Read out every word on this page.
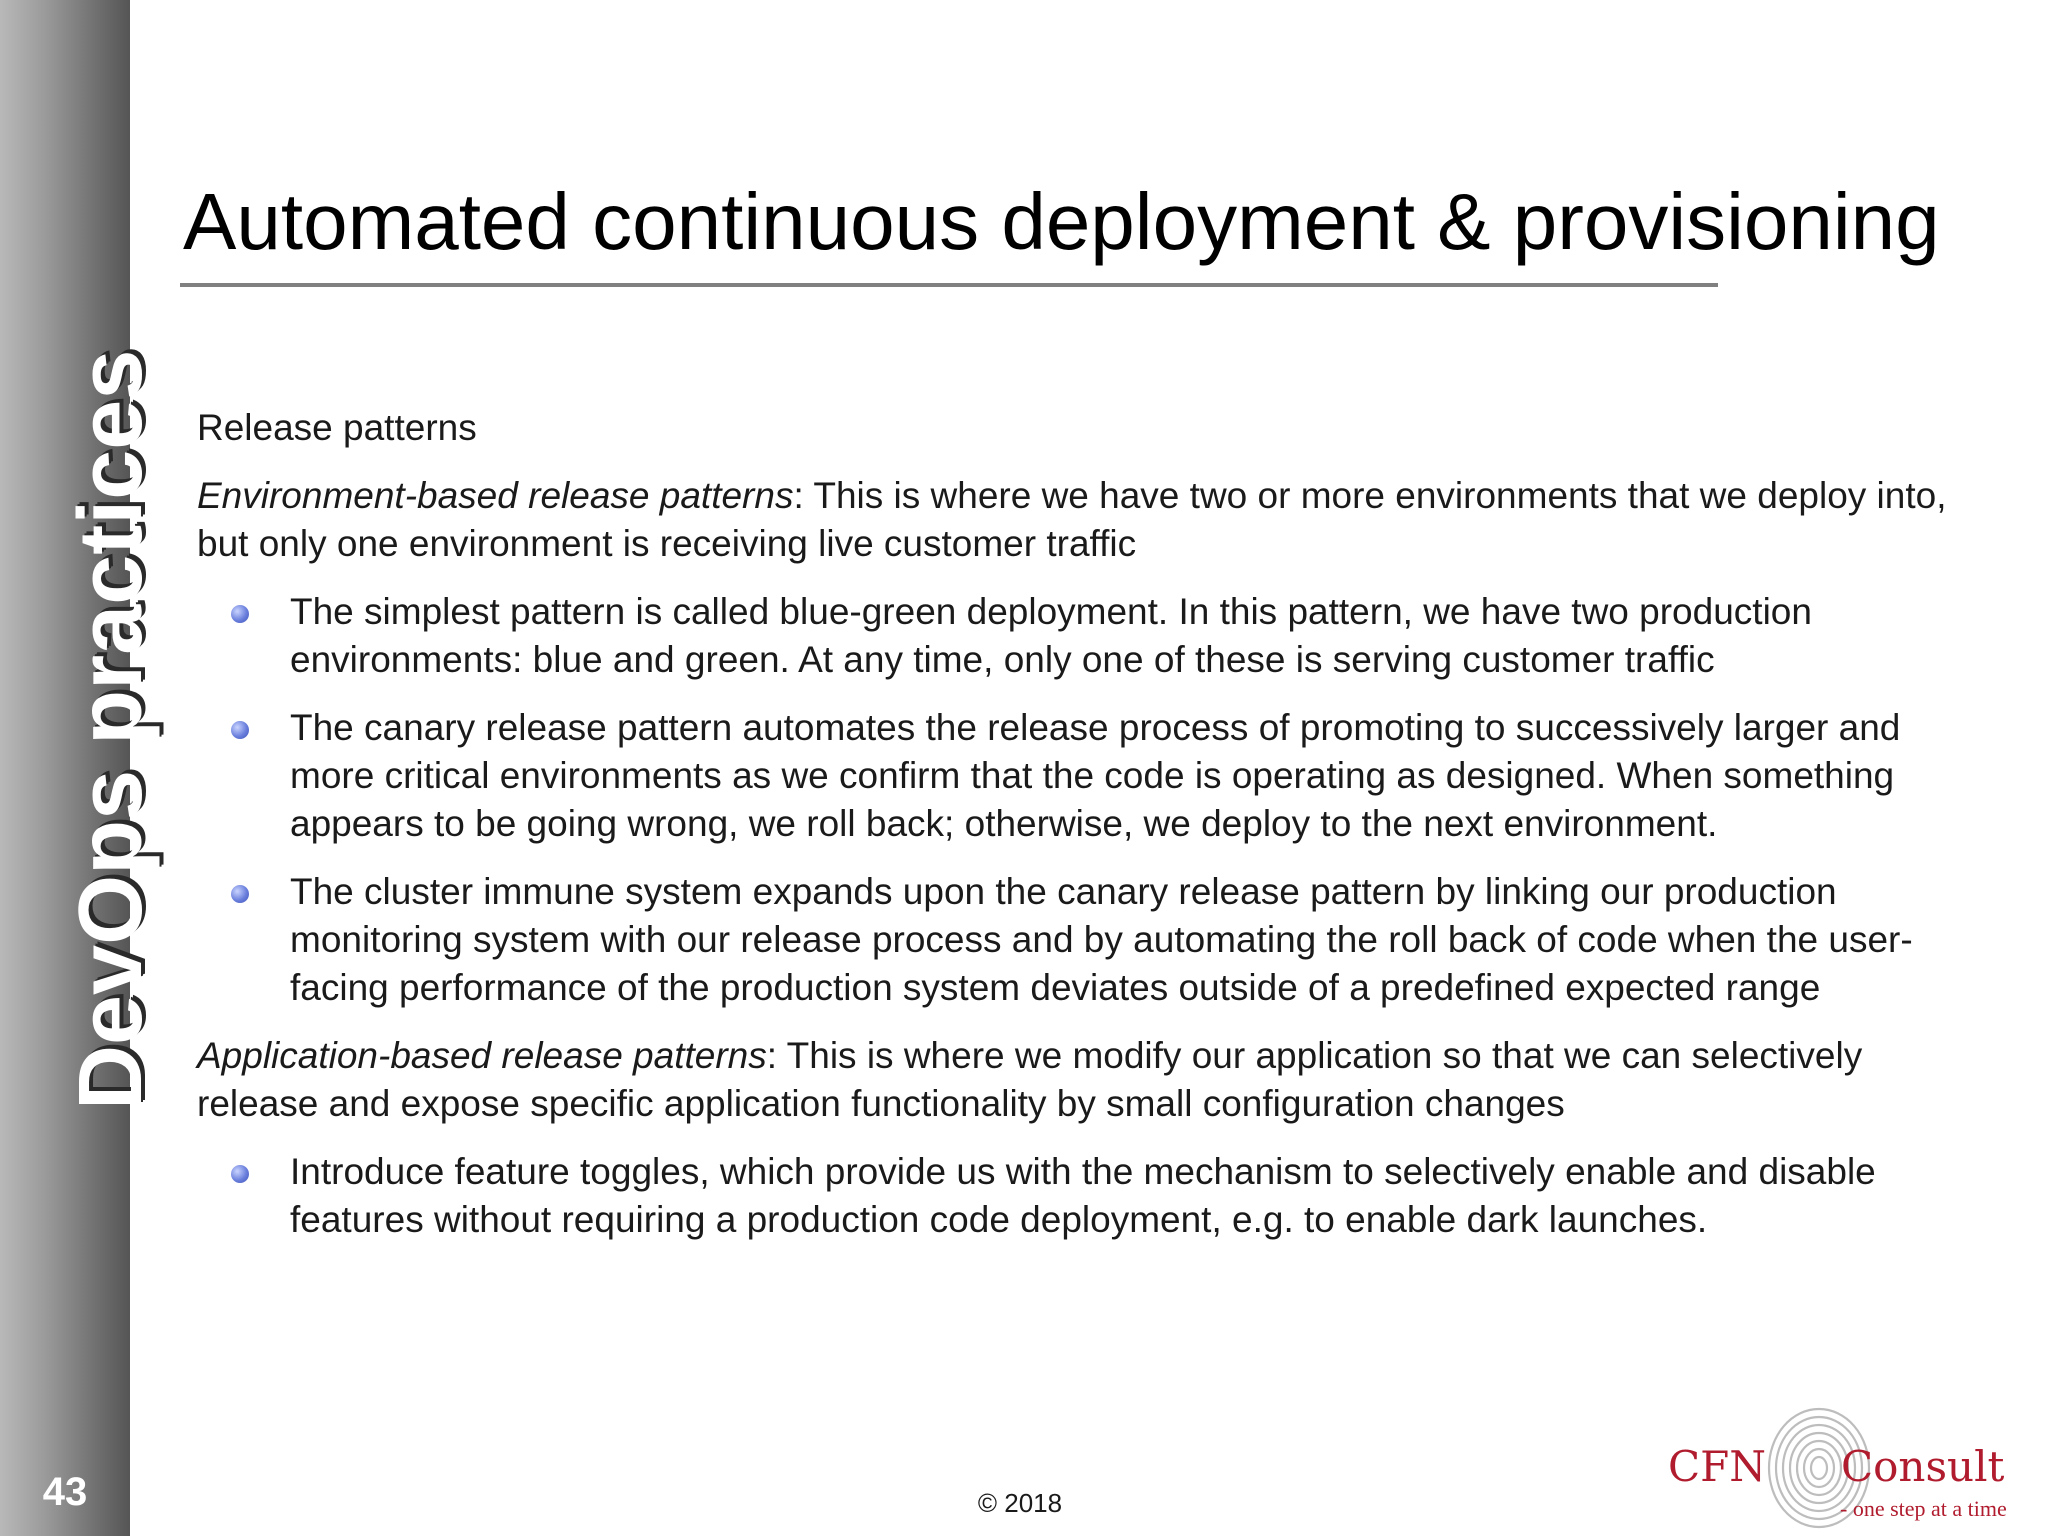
DevOps practices
43
Automated continuous deployment & provisioning

Release patterns

Environment-based release patterns: This is where we have two or more environments that we deploy into, but only one environment is receiving live customer traffic

The simplest pattern is called blue-green deployment. In this pattern, we have two production environments: blue and green. At any time, only one of these is serving customer traffic
The canary release pattern automates the release process of promoting to successively larger and more critical environments as we confirm that the code is operating as designed. When something appears to be going wrong, we roll back; otherwise, we deploy to the next environment.
The cluster immune system expands upon the canary release pattern by linking our production monitoring system with our release process and by automating the roll back of code when the user-facing performance of the production system deviates outside of a predefined expected range

Application-based release patterns: This is where we modify our application so that we can selectively release and expose specific application functionality by small configuration changes

Introduce feature toggles, which provide us with the mechanism to selectively enable and disable features without requiring a production code deployment, e.g. to enable dark launches.
© 2018
CFN Consult
- one step at a time
